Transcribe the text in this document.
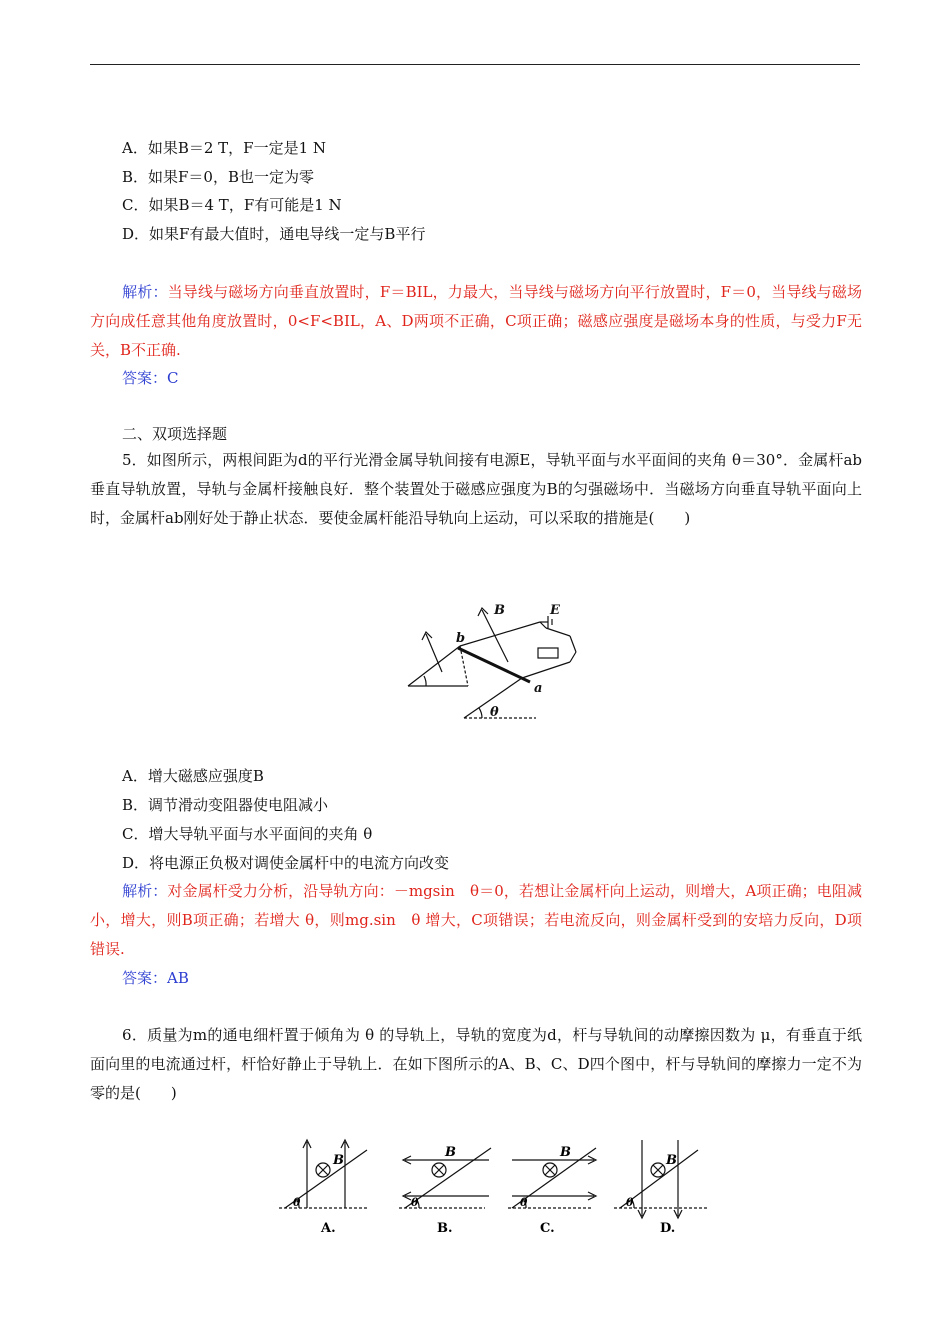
A．如果B＝2 T，F一定是1 N
B．如果F＝0，B也一定为零
C．如果B＝4 T，F有可能是1 N
D．如果F有最大值时，通电导线一定与B平行
解析：当导线与磁场方向垂直放置时，F＝BIL，力最大，当导线与磁场方向平行放置时，F＝0，当导线与磁场方向成任意其他角度放置时，0<F<BIL，A、D两项不正确，C项正确；磁感应强度是磁场本身的性质，与受力F无关，B不正确.
答案：C
二、双项选择题
5．如图所示，两根间距为d的平行光滑金属导轨间接有电源E，导轨平面与水平面间的夹角 θ＝30°．金属杆ab垂直导轨放置，导轨与金属杆接触良好．整个装置处于磁感应强度为B的匀强磁场中．当磁场方向垂直导轨平面向上时，金属杆ab刚好处于静止状态．要使金属杆能沿导轨向上运动，可以采取的措施是(　　)
B	E
b
a
θ
A．增大磁感应强度B
B．调节滑动变阻器使电阻减小
C．增大导轨平面与水平面间的夹角 θ
D．将电源正负极对调使金属杆中的电流方向改变
解析：对金属杆受力分析，沿导轨方向：－mgsin　θ＝0，若想让金属杆向上运动，则增大，A项正确；电阻减小，增大，则B项正确；若增大 θ，则mg.sin　θ 增大，C项错误；若电流反向，则金属杆受到的安培力反向，D项错误.
答案：AB
6．质量为m的通电细杆置于倾角为 θ 的导轨上，导轨的宽度为d，杆与导轨间的动摩擦因数为 μ，有垂直于纸面向里的电流通过杆，杆恰好静止于导轨上．在如下图所示的A、B、C、D四个图中，杆与导轨间的摩擦力一定不为零的是(　　)
B
θ
A.
B
θ
B.
B
θ
C.
B
θ
D.
